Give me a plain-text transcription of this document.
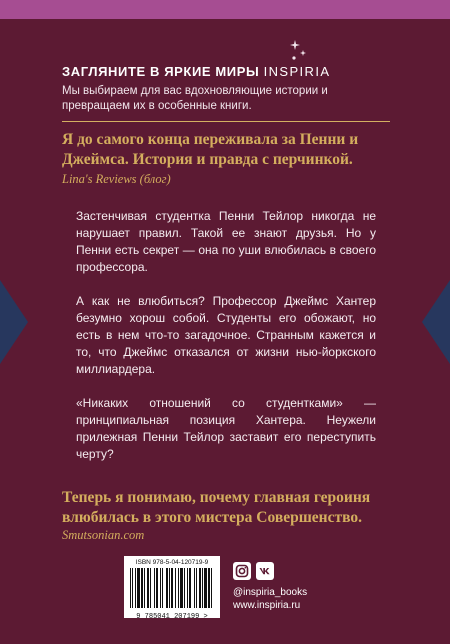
ЗАГЛЯНИТЕ В ЯРКИЕ МИРЫ INSPIRIA
Мы выбираем для вас вдохновляющие истории и превращаем их в особенные книги.
Я до самого конца переживала за Пенни и Джеймса. История и правда с перчинкой.
Lina's Reviews (блог)

Застенчивая студентка Пенни Тейлор никогда не нарушает правил. Такой ее знают друзья. Но у Пенни есть секрет — она по уши влюбилась в своего профессора.

А как не влюбиться? Профессор Джеймс Хантер безумно хорош собой. Студенты его обожают, но есть в нем что-то загадочное. Странным кажется и то, что Джеймс отказался от жизни нью-йоркского миллиардера.

«Никаких отношений со студентками» — принципиальная позиция Хантера. Неужели прилежная Пенни Тейлор заставит его переступить черту?

Теперь я понимаю, почему главная героиня влюбилась в этого мистера Совершенство.
Smutsonian.com
ISBN 978-5-04-120719-9
9 785041 207199 >
@inspiria_books
www.inspiria.ru
